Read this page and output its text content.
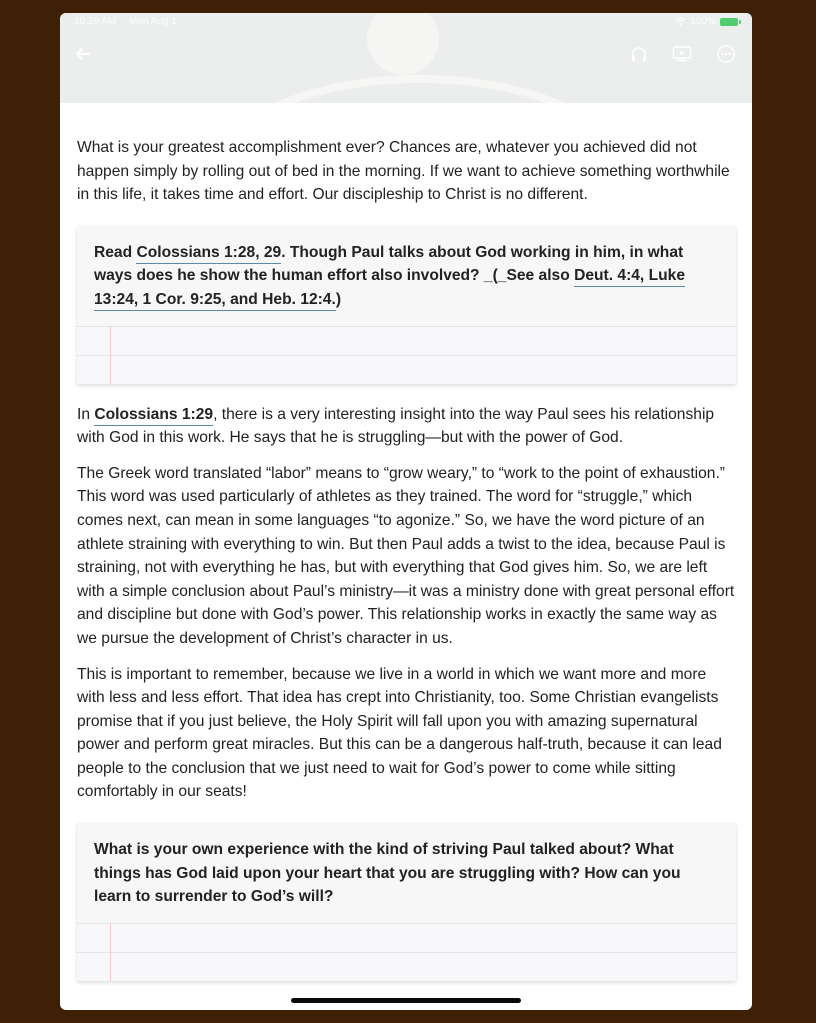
10:29 AM Mon Aug 1	100%

What is your greatest accomplishment ever? Chances are, whatever you achieved did not happen simply by rolling out of bed in the morning. If we want to achieve something worthwhile in this life, it takes time and effort. Our discipleship to Christ is no different.

Read Colossians 1:28, 29. Though Paul talks about God working in him, in what ways does he show the human effort also involved? _(_See also Deut. 4:4, Luke 13:24, 1 Cor. 9:25, and Heb. 12:4.)

In Colossians 1:29, there is a very interesting insight into the way Paul sees his relationship with God in this work. He says that he is struggling—but with the power of God.

The Greek word translated “labor” means to “grow weary,” to “work to the point of exhaustion.” This word was used particularly of athletes as they trained. The word for “struggle,” which comes next, can mean in some languages “to agonize.” So, we have the word picture of an athlete straining with everything to win. But then Paul adds a twist to the idea, because Paul is straining, not with everything he has, but with everything that God gives him. So, we are left with a simple conclusion about Paul’s ministry—it was a ministry done with great personal effort and discipline but done with God’s power. This relationship works in exactly the same way as we pursue the development of Christ’s character in us.

This is important to remember, because we live in a world in which we want more and more with less and less effort. That idea has crept into Christianity, too. Some Christian evangelists promise that if you just believe, the Holy Spirit will fall upon you with amazing supernatural power and perform great miracles. But this can be a dangerous half-truth, because it can lead people to the conclusion that we just need to wait for God’s power to come while sitting comfortably in our seats!

What is your own experience with the kind of striving Paul talked about? What things has God laid upon your heart that you are struggling with? How can you learn to surrender to God’s will?
